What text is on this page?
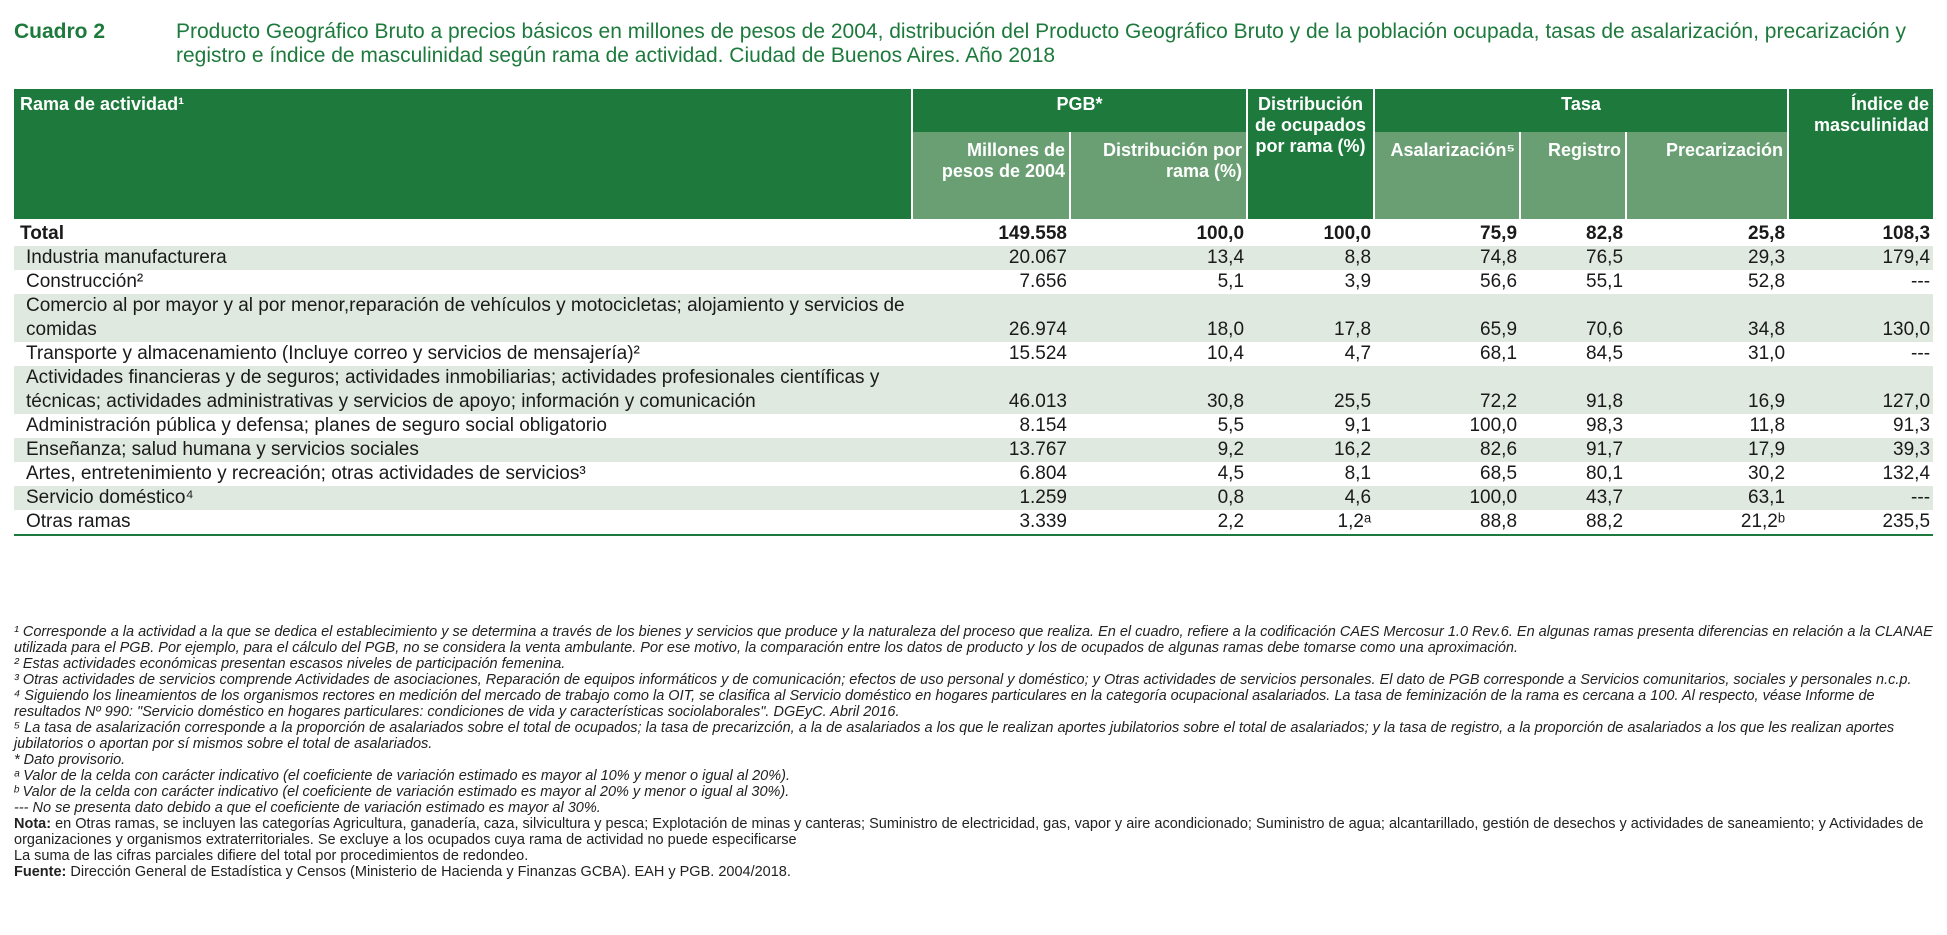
Cuadro 2	Producto Geográfico Bruto a precios básicos en millones de pesos de 2004, distribución del Producto Geográfico Bruto y de la población ocupada, tasas de asalarización, precarización y registro e índice de masculinidad según rama de actividad. Ciudad de Buenos Aires. Año 2018
Rama de actividad¹	PGB*		Distribución de ocupados por rama (%)	Tasa			Índice de masculinidad
	Millones de pesos de 2004	Distribución por rama (%)		Asalarización⁵	Registro	Precarización	
Total	149.558	100,0	100,0	75,9	82,8	25,8	108,3
Industria manufacturera	20.067	13,4	8,8	74,8	76,5	29,3	179,4
Construcción²	7.656	5,1	3,9	56,6	55,1	52,8	---
Comercio al por mayor y al por menor,reparación de vehículos y motocicletas; alojamiento y servicios de comidas	26.974	18,0	17,8	65,9	70,6	34,8	130,0
Transporte y almacenamiento (Incluye correo y servicios de mensajería)²	15.524	10,4	4,7	68,1	84,5	31,0	---
Actividades financieras y de seguros; actividades inmobiliarias; actividades profesionales científicas y técnicas; actividades administrativas y servicios de apoyo; información y comunicación	46.013	30,8	25,5	72,2	91,8	16,9	127,0
Administración pública y defensa; planes de seguro social obligatorio	8.154	5,5	9,1	100,0	98,3	11,8	91,3
Enseñanza; salud humana y servicios sociales	13.767	9,2	16,2	82,6	91,7	17,9	39,3
Artes, entretenimiento y recreación; otras actividades de servicios³	6.804	4,5	8,1	68,5	80,1	30,2	132,4
Servicio doméstico⁴	1.259	0,8	4,6	100,0	43,7	63,1	---
Otras ramas	3.339	2,2	1,2ᵃ	88,8	88,2	21,2ᵇ	235,5

¹ Corresponde a la actividad a la que se dedica el establecimiento y se determina a través de los bienes y servicios que produce y la naturaleza del proceso que realiza. En el cuadro, refiere a la codificación CAES Mercosur 1.0 Rev.6. En algunas ramas presenta diferencias en relación a la CLANAE utilizada para el PGB. Por ejemplo, para el cálculo del PGB, no se considera la venta ambulante. Por ese motivo, la comparación entre los datos de producto y los de ocupados de algunas ramas debe tomarse como una aproximación.

² Estas actividades económicas presentan escasos niveles de participación femenina.

³ Otras actividades de servicios comprende Actividades de asociaciones, Reparación de equipos informáticos y de comunicación; efectos de uso personal y doméstico; y Otras actividades de servicios personales. El dato de PGB corresponde a Servicios comunitarios, sociales y personales n.c.p.

⁴ Siguiendo los lineamientos de los organismos rectores en medición del mercado de trabajo como la OIT, se clasifica al Servicio doméstico en hogares particulares en la categoría ocupacional asalariados. La tasa de feminización de la rama es cercana a 100. Al respecto, véase Informe de resultados Nº 990: "Servicio doméstico en hogares particulares: condiciones de vida y características sociolaborales". DGEyC. Abril 2016.

⁵ La tasa de asalarización corresponde a la proporción de asalariados sobre el total de ocupados; la tasa de precarizción, a la de asalariados a los que le realizan aportes jubilatorios sobre el total de asalariados; y la tasa de registro, a la proporción de asalariados a los que les realizan aportes jubilatorios o aportan por sí mismos sobre el total de asalariados.

* Dato provisorio.

ᵃ Valor de la celda con carácter indicativo (el coeficiente de variación estimado es mayor al 10% y menor o igual al 20%).

ᵇ Valor de la celda con carácter indicativo (el coeficiente de variación estimado es mayor al 20% y menor o igual al 30%).

--- No se presenta dato debido a que el coeficiente de variación estimado es mayor al 30%.

Nota: en Otras ramas, se incluyen las categorías Agricultura, ganadería, caza, silvicultura y pesca; Explotación de minas y canteras; Suministro de electricidad, gas, vapor y aire acondicionado; Suministro de agua; alcantarillado, gestión de desechos y actividades de saneamiento; y Actividades de organizaciones y organismos extraterritoriales. Se excluye a los ocupados cuya rama de actividad no puede especificarse

La suma de las cifras parciales difiere del total por procedimientos de redondeo.

Fuente: Dirección General de Estadística y Censos (Ministerio de Hacienda y Finanzas GCBA). EAH y PGB. 2004/2018.
